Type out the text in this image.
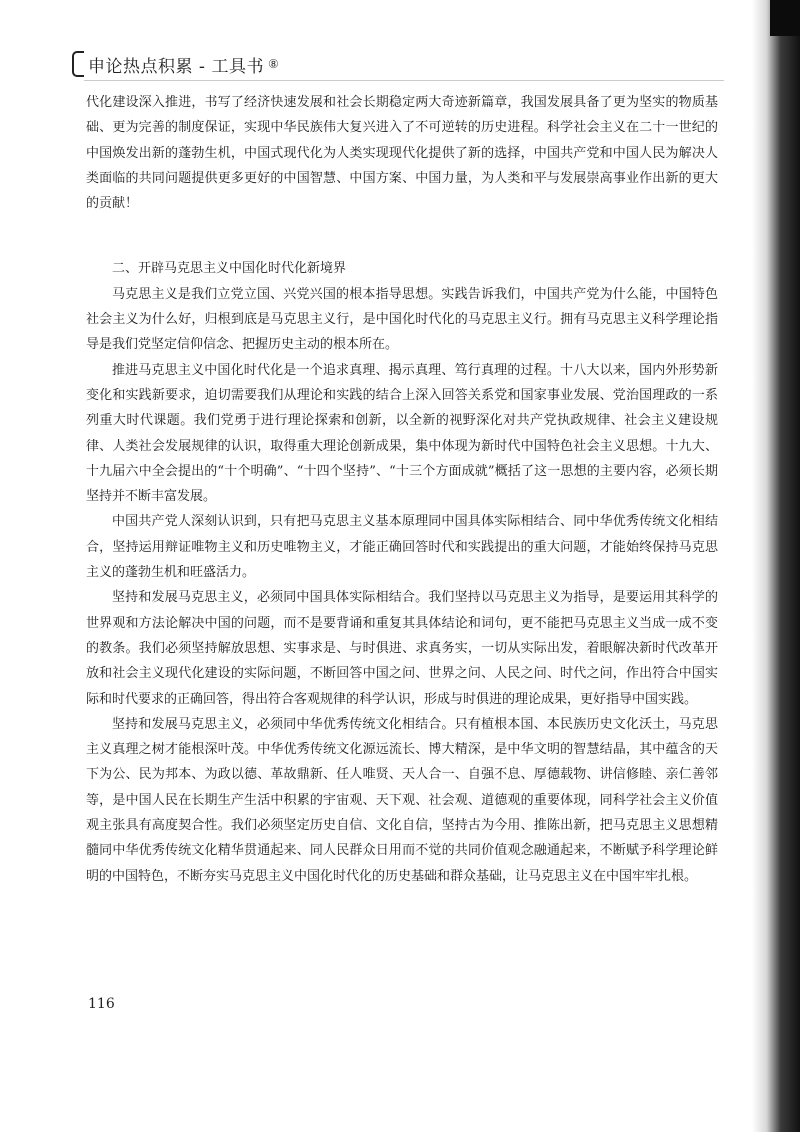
申论热点积累 - 工具书 ⑧

代化建设深入推进，书写了经济快速发展和社会长期稳定两大奇迹新篇章，我国发展具备了更为坚实的物质基础、更为完善的制度保证，实现中华民族伟大复兴进入了不可逆转的历史进程。科学社会主义在二十一世纪的中国焕发出新的蓬勃生机，中国式现代化为人类实现现代化提供了新的选择，中国共产党和中国人民为解决人类面临的共同问题提供更多更好的中国智慧、中国方案、中国力量，为人类和平与发展崇高事业作出新的更大的贡献！

二、开辟马克思主义中国化时代化新境界

马克思主义是我们立党立国、兴党兴国的根本指导思想。实践告诉我们，中国共产党为什么能，中国特色社会主义为什么好，归根到底是马克思主义行，是中国化时代化的马克思主义行。拥有马克思主义科学理论指导是我们党坚定信仰信念、把握历史主动的根本所在。

推进马克思主义中国化时代化是一个追求真理、揭示真理、笃行真理的过程。十八大以来，国内外形势新变化和实践新要求，迫切需要我们从理论和实践的结合上深入回答关系党和国家事业发展、党治国理政的一系列重大时代课题。我们党勇于进行理论探索和创新，以全新的视野深化对共产党执政规律、社会主义建设规律、人类社会发展规律的认识，取得重大理论创新成果，集中体现为新时代中国特色社会主义思想。十九大、十九届六中全会提出的“十个明确”、“十四个坚持”、“十三个方面成就”概括了这一思想的主要内容，必须长期坚持并不断丰富发展。

中国共产党人深刻认识到，只有把马克思主义基本原理同中国具体实际相结合、同中华优秀传统文化相结合，坚持运用辩证唯物主义和历史唯物主义，才能正确回答时代和实践提出的重大问题，才能始终保持马克思主义的蓬勃生机和旺盛活力。

坚持和发展马克思主义，必须同中国具体实际相结合。我们坚持以马克思主义为指导，是要运用其科学的世界观和方法论解决中国的问题，而不是要背诵和重复其具体结论和词句，更不能把马克思主义当成一成不变的教条。我们必须坚持解放思想、实事求是、与时俱进、求真务实，一切从实际出发，着眼解决新时代改革开放和社会主义现代化建设的实际问题，不断回答中国之问、世界之问、人民之问、时代之问，作出符合中国实际和时代要求的正确回答，得出符合客观规律的科学认识，形成与时俱进的理论成果，更好指导中国实践。

坚持和发展马克思主义，必须同中华优秀传统文化相结合。只有植根本国、本民族历史文化沃土，马克思主义真理之树才能根深叶茂。中华优秀传统文化源远流长、博大精深，是中华文明的智慧结晶，其中蕴含的天下为公、民为邦本、为政以德、革故鼎新、任人唯贤、天人合一、自强不息、厚德载物、讲信修睦、亲仁善邻等，是中国人民在长期生产生活中积累的宇宙观、天下观、社会观、道德观的重要体现，同科学社会主义价值观主张具有高度契合性。我们必须坚定历史自信、文化自信，坚持古为今用、推陈出新，把马克思主义思想精髓同中华优秀传统文化精华贯通起来、同人民群众日用而不觉的共同价值观念融通起来，不断赋予科学理论鲜明的中国特色，不断夯实马克思主义中国化时代化的历史基础和群众基础，让马克思主义在中国牢牢扎根。

116
